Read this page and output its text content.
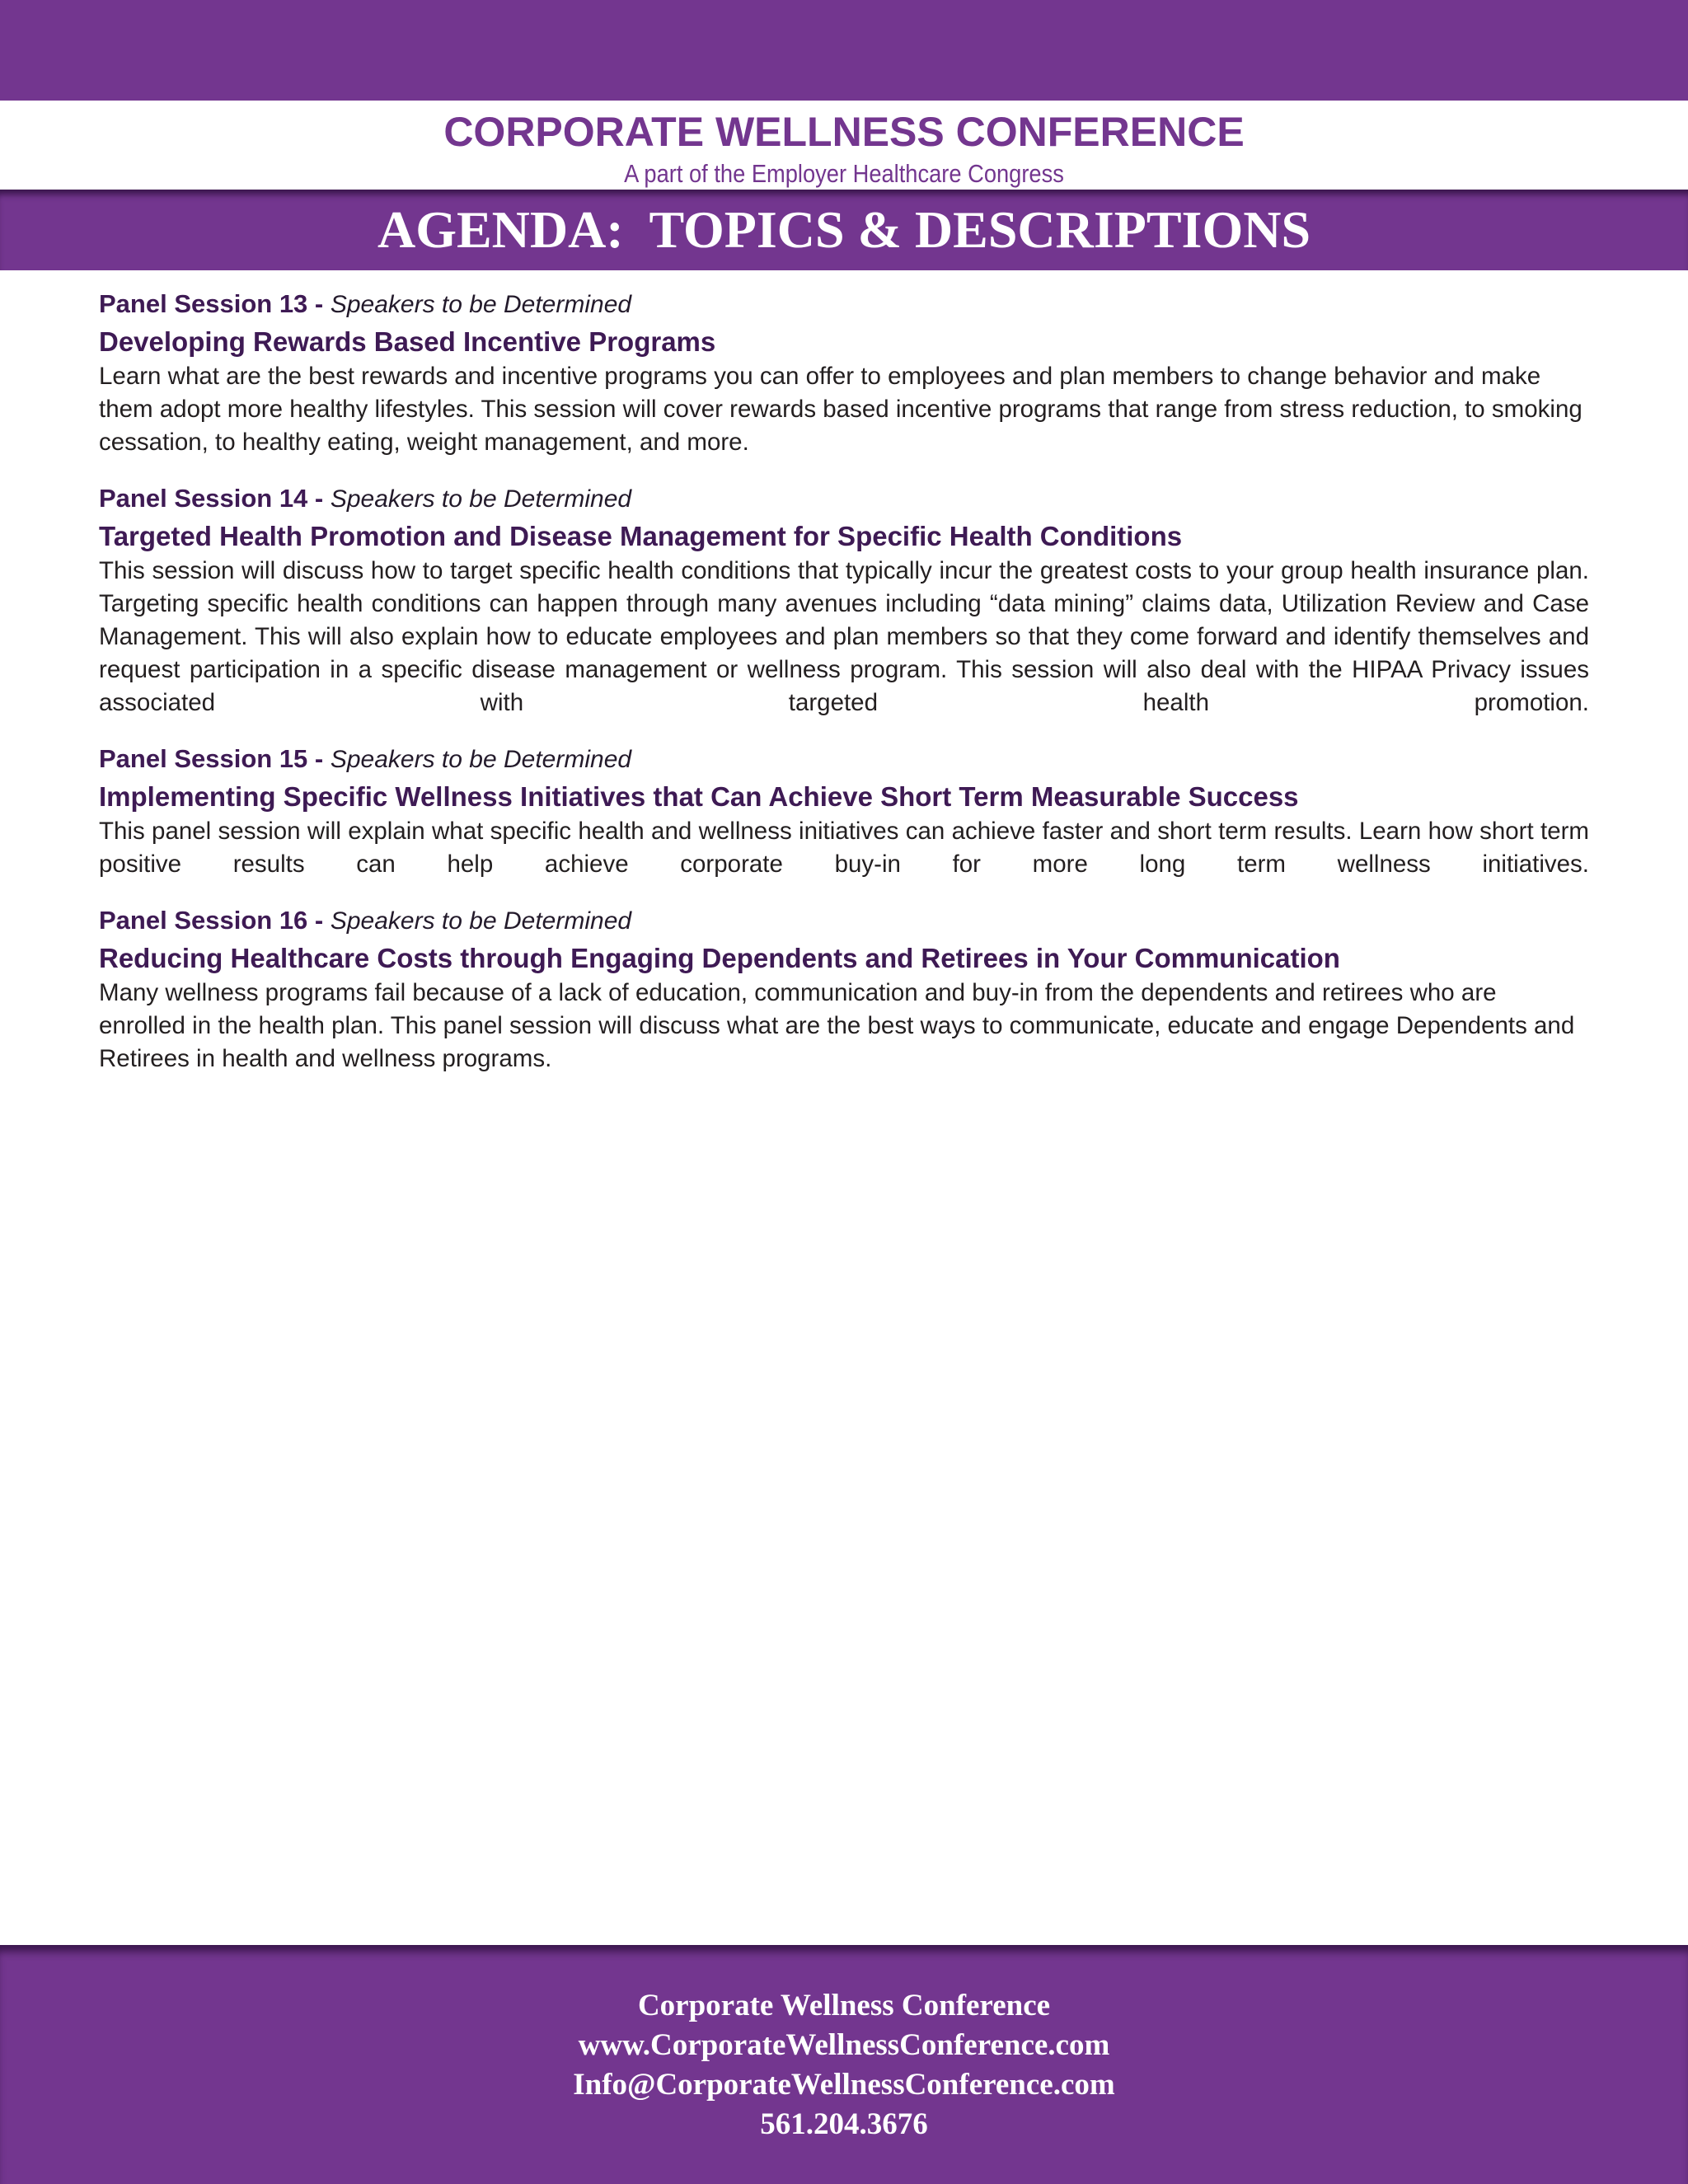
CORPORATE WELLNESS CONFERENCE
A part of the Employer Healthcare Congress
AGENDA:  TOPICS & DESCRIPTIONS
Panel Session 13 - Speakers to be Determined
Developing Rewards Based Incentive Programs

Learn what are the best rewards and incentive programs you can offer to employees and plan members to change behavior and make them adopt more healthy lifestyles. This session will cover rewards based incentive programs that range from stress reduction, to smoking cessation, to healthy eating, weight management, and more.

Panel Session 14 - Speakers to be Determined
Targeted Health Promotion and Disease Management for Specific Health Conditions

This session will discuss how to target specific health conditions that typically incur the greatest costs to your group health insurance plan. Targeting specific health conditions can happen through many avenues including “data mining” claims data, Utilization Review and Case Management. This will also explain how to educate employees and plan members so that they come forward and identify themselves and request participation in a specific disease management or wellness program. This session will also deal with the HIPAA Privacy issues associated with targeted health promotion.

Panel Session 15 - Speakers to be Determined
Implementing Specific Wellness Initiatives that Can Achieve Short Term Measurable Success

This panel session will explain what specific health and wellness initiatives can achieve faster and short term results. Learn how short term positive results can help achieve corporate buy-in for more long term wellness initiatives.

Panel Session 16 - Speakers to be Determined
Reducing Healthcare Costs through Engaging Dependents and Retirees in Your Communication

Many wellness programs fail because of a lack of education, communication and buy-in from the dependents and retirees who are enrolled in the health plan. This panel session will discuss what are the best ways to communicate, educate and engage Dependents and Retirees in health and wellness programs.

Corporate Wellness Conference
www.CorporateWellnessConference.com
Info@CorporateWellnessConference.com
561.204.3676
